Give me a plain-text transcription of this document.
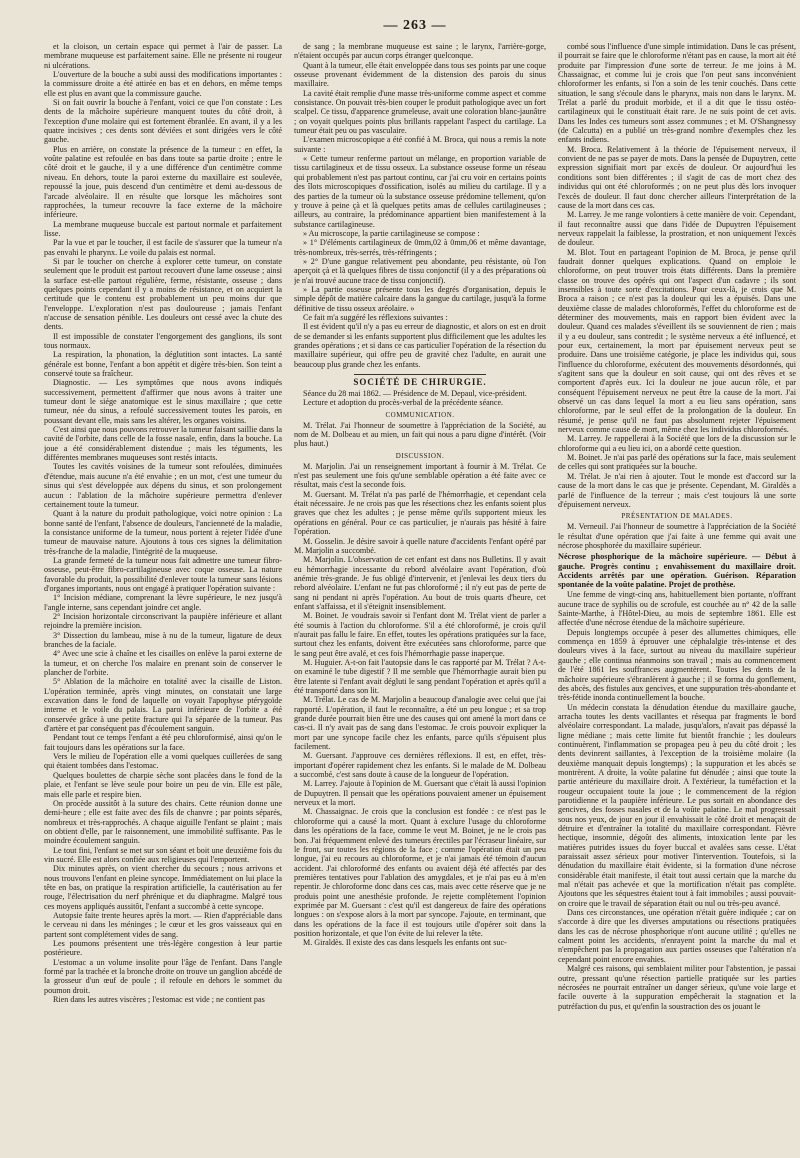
— 263 —

et la cloison, un certain espace qui permet à l'air de passer. La membrane muqueuse est parfaitement saine. Elle ne présente ni rougeur ni ulcérations.

L'ouverture de la bouche a subi aussi des modifications importantes : la commissure droite a été attirée en bas et en dehors, en même temps elle est plus en avant que la commissure gauche.

Si on fait ouvrir la bouche à l'enfant, voici ce que l'on constate : Les dents de la mâchoire supérieure manquent toutes du côté droit, à l'exception d'une molaire qui est fortement ébranlée. En avant, il y a les quatre incisives ; ces dents sont déviées et sont dirigées vers le côté gauche.

Plus en arrière, on constate la présence de la tumeur : en effet, la voûte palatine est refoulée en bas dans toute sa partie droite ; entre le côté droit et le gauche, il y a une différence d'un centimètre comme niveau. En dehors, toute la paroi externe du maxillaire est soulevée, repoussé la joue, puis descend d'un centimètre et demi au-dessous de l'arcade alvéolaire. Il en résulte que lorsque les mâchoires sont rapprochées, la tumeur recouvre la face externe de la mâchoire inférieure.

La membrane muqueuse buccale est partout normale et parfaitement lisse.

Par la vue et par le toucher, il est facile de s'assurer que la tumeur n'a pas envahi le pharynx. Le voile du palais est normal.

Si par le toucher on cherche à explorer cette tumeur, on constate seulement que le produit est partout recouvert d'une lame osseuse ; ainsi la surface est-elle partout régulière, ferme, résistante, osseuse ; dans quelques points cependant il y a moins de résistance, et on acquiert la certitude que le contenu est probablement un peu moins dur que l'enveloppe. L'exploration n'est pas douloureuse ; jamais l'enfant n'accuse de sensation pénible. Les douleurs ont cessé avec la chute des dents.

Il est impossible de constater l'engorgement des ganglions, ils sont tous normaux.

La respiration, la phonation, la déglutition sont intactes. La santé générale est bonne, l'enfant a bon appétit et digère très-bien. Son teint a conservé toute sa fraîcheur.

Diagnostic. — Les symptômes que nous avons indiqués successivement, permettent d'affirmer que nous avons à traiter une tumeur dont le siége anatomique est le sinus maxillaire ; que cette tumeur, née du sinus, a refoulé successivement toutes les parois, en poussant devant elle, mais sans les altérer, les organes voisins.

C'est ainsi que nous pouvons retrouver la tumeur faisant saillie dans la cavité de l'orbite, dans celle de la fosse nasale, enfin, dans la bouche. La joue a été considérablement distendue ; mais les téguments, les différentes membranes muqueuses sont restés intacts.

Toutes les cavités voisines de la tumeur sont refoulées, diminuées d'étendue, mais aucune n'a été envahie ; en un mot, c'est une tumeur du sinus qui s'est développée aux dépens du sinus, et son prolongement aucun : l'ablation de la mâchoire supérieure permettra d'enlever certainement toute la tumeur.

Quant à la nature du produit pathologique, voici notre opinion : La bonne santé de l'enfant, l'absence de douleurs, l'ancienneté de la maladie, la consistance uniforme de la tumeur, nous portent à rejeter l'idée d'une tumeur de mauvaise nature. Ajoutons à tous ces signes la délimitation très-franche de la maladie, l'intégrité de la muqueuse.

La grande fermeté de la tumeur nous fait admettre une tumeur fibro-osseuse, peut-être fibro-cartilagineuse avec coque osseuse. La nature favorable du produit, la possibilité d'enlever toute la tumeur sans lésions d'organes importants, nous ont engagé à pratiquer l'opération suivante :

1° Incision médiane, comprenant la lèvre supérieure, le nez jusqu'à l'angle interne, sans cependant joindre cet angle.

2° Incision horizontale circonscrivant la paupière inférieure et allant rejoindre la première incision.

3° Dissection du lambeau, mise à nu de la tumeur, ligature de deux branches de la faciale.

4° Avec une scie à chaîne et les cisailles on enlève la paroi externe de la tumeur, et on cherche l'os malaire en prenant soin de conserver le plancher de l'orbite.

5° Ablation de la mâchoire en totalité avec la cisaille de Liston. L'opération terminée, après vingt minutes, on constatait une large excavation dans le fond de laquelle on voyait l'apophyse ptérygoïde interne et le voile du palais. La paroi inférieure de l'orbite a été conservée grâce à une petite fracture qui l'a séparée de la tumeur. Pas d'artère et par conséquent pas d'écoulement sanguin.

Pendant tout ce temps l'enfant a été peu chloroformisé, ainsi qu'on le fait toujours dans les opérations sur la face.

Vers le milieu de l'opération elle a vomi quelques cuillerées de sang qui étaient tombées dans l'estomac.

Quelques boulettes de charpie sèche sont placées dans le fond de la plaie, et l'enfant se lève seule pour boire un peu de vin. Elle est pâle, mais elle parle et respire bien.

On procède aussitôt à la suture des chairs. Cette réunion donne une demi-heure ; elle est faite avec des fils de chanvre ; par points séparés, nombreux et très-rapprochés. A chaque aiguille l'enfant se plaint ; mais on obtient d'elle, par le raisonnement, une immobilité suffisante. Pas le moindre écoulement sanguin.

Le tout fini, l'enfant se met sur son séant et boit une deuxième fois du vin sucré. Elle est alors confiée aux religieuses qui l'emportent.

Dix minutes après, on vient chercher du secours ; nous arrivons et nous trouvons l'enfant en pleine syncope. Immédiatement on lui place la tête en bas, on pratique la respiration artificielle, la cautérisation au fer rouge, l'électrisation du nerf phrénique et du diaphragme. Malgré tous ces moyens appliqués aussitôt, l'enfant a succombé à cette syncope.

Autopsie faite trente heures après la mort. — Rien d'appréciable dans le cerveau ni dans les méninges ; le cœur et les gros vaisseaux qui en partent sont complétement vides de sang.

Les poumons présentent une très-légère congestion à leur partie postérieure.

L'estomac a un volume insolite pour l'âge de l'enfant. Dans l'angle formé par la trachée et la bronche droite on trouve un ganglion abcédé de la grosseur d'un œuf de poule ; il refoule en dehors le sommet du poumon droit.

Rien dans les autres viscères ; l'estomac est vide ; ne contient pas

de sang ; la membrane muqueuse est saine ; le larynx, l'arrière-gorge, n'étaient occupés par aucun corps étranger quelconque.

Quant à la tumeur, elle était enveloppée dans tous ses points par une coque osseuse provenant évidemment de la distension des parois du sinus maxillaire.

La cavité était remplie d'une masse très-uniforme comme aspect et comme consistance. On pouvait très-bien couper le produit pathologique avec un fort scalpel. Ce tissu, d'apparence grumeleuse, avait une coloration blanc-jaunâtre ; on voyait quelques points plus brillants rappelant l'aspect du cartilage. La tumeur était peu ou pas vasculaire.

L'examen microscopique a été confié à M. Broca, qui nous a remis la note suivante :

« Cette tumeur renferme partout un mélange, en proportion variable de tissu cartilagineux et de tissu osseux. La substance osseuse forme un réseau qui probablement n'est pas partout continu, car j'ai cru voir en certains points des îlots microscopiques d'ossification, isolés au milieu du cartilage. Il y a des parties de la tumeur où la substance osseuse prédomine tellement, qu'on y trouve à peine çà et là quelques petits amas de cellules cartilagineuses ; ailleurs, au contraire, la prédominance appartient bien manifestement à la substance cartilagineuse.

» Au microscope, la partie cartilagineuse se compose :

» 1° D'éléments cartilagineux de 0mm,02 à 0mm,06 et même davantage, très-nombreux, très-serrés, très-réfringents ;

» 2° D'une gangue relativement peu abondante, peu résistante, où l'on aperçoit çà et là quelques fibres de tissu conjonctif (il y a des préparations où je n'ai trouvé aucune trace de tissu conjonctif).

» La partie osseuse présente tous les degrés d'organisation, depuis le simple dépôt de matière calcaire dans la gangue du cartilage, jusqu'à la forme définitive de tissu osseux aréolaire. »

Ce fait m'a suggéré les réflexions suivantes :

Il est évident qu'il n'y a pas eu erreur de diagnostic, et alors on est en droit de se demander si les enfants supportent plus difficilement que les adultes les grandes opérations ; et si dans ce cas particulier l'opération de la résection du maxillaire supérieur, qui offre peu de gravité chez l'adulte, en aurait une beaucoup plus grande chez les enfants.

SOCIÉTÉ DE CHIRURGIE.

Séance du 28 mai 1862. — Présidence de M. Depaul, vice-président.

Lecture et adoption du procès-verbal de la précédente séance.

COMMUNICATION.

M. Trélat. J'ai l'honneur de soumettre à l'appréciation de la Société, au nom de M. Dolbeau et au mien, un fait qui nous a paru digne d'intérêt. (Voir plus haut.)

DISCUSSION.

M. Marjolin. J'ai un renseignement important à fournir à M. Trélat. Ce n'est pas seulement une fois qu'une semblable opération a été faite avec ce résultat, mais c'est la seconde fois.

M. Guersant. M. Trélat n'a pas parlé de l'hémorrhagie, et cependant cela était nécessaire. Je ne crois pas que les résections chez les enfants soient plus graves que chez les adultes ; je pense même qu'ils supportent mieux les opérations en général. Pour ce cas particulier, je n'aurais pas hésité à faire l'opération.

M. Gosselin. Je désire savoir à quelle nature d'accidents l'enfant opéré par M. Marjolin a succombé.

M. Marjolin. L'observation de cet enfant est dans nos Bulletins. Il y avait eu hémorrhagie incessante du rebord alvéolaire avant l'opération, d'où anémie très-grande. Je fus obligé d'intervenir, et j'enlevai les deux tiers du rebord alvéolaire. L'enfant ne fut pas chloroformé ; il n'y eut pas de perte de sang ni pendant ni après l'opération. Au bout de trois quarts d'heure, cet enfant s'affaissa, et il s'éteignit insensiblement.

M. Boinet. Je voudrais savoir si l'enfant dont M. Trélat vient de parler a été soumis à l'action du chloroforme. S'il a été chloroformé, je crois qu'il n'aurait pas fallu le faire. En effet, toutes les opérations pratiquées sur la face, surtout chez les enfants, doivent être exécutées sans chloroforme, parce que le sang peut être avalé, et ces fois l'hémorrhagie passe inaperçue.

M. Huguier. A-t-on fait l'autopsie dans le cas rapporté par M. Trélat ? A-t-on examiné le tube digestif ? Il me semble que l'hémorrhagie aurait bien pu être latente si l'enfant avait dégluti le sang pendant l'opération et après qu'il a été transporté dans son lit.

M. Trélat. Le cas de M. Marjolin a beaucoup d'analogie avec celui que j'ai rapporté. L'opération, il faut le reconnaître, a été un peu longue ; et sa trop grande durée pourrait bien être une des causes qui ont amené la mort dans ce cas-ci. Il n'y avait pas de sang dans l'estomac. Je crois pouvoir expliquer la mort par une syncope facile chez les enfants, parce qu'ils s'épuisent plus facilement.

M. Guersant. J'approuve ces dernières réflexions. Il est, en effet, très-important d'opérer rapidement chez les enfants. Si le malade de M. Dolbeau a succombé, c'est sans doute à cause de la longueur de l'opération.

M. Larrey. J'ajoute à l'opinion de M. Guersant que c'était là aussi l'opinion de Dupuytren. Il pensait que les opérations pouvaient amener un épuisement nerveux et la mort.

M. Chassaignac. Je crois que la conclusion est fondée : ce n'est pas le chloroforme qui a causé la mort. Quant à exclure l'usage du chloroforme dans les opérations de la face, comme le veut M. Boinet, je ne le crois pas bon. J'ai fréquemment enlevé des tumeurs érectiles par l'écraseur linéaire, sur le front, sur toutes les régions de la face ; comme l'opération était un peu longue, j'ai eu recours au chloroforme, et je n'ai jamais été témoin d'aucun accident. J'ai chloroformé des enfants ou avaient déjà été affectés par des premières tentatives pour l'ablation des amygdales, et je n'ai pas eu à m'en repentir. Je chloroforme donc dans ces cas, mais avec cette réserve que je ne produis point une anesthésie profonde. Je rejette complètement l'opinion exprimée par M. Guersant : c'est qu'il est dangereux de faire des opérations longues : on s'expose alors à la mort par syncope. J'ajoute, en terminant, que dans les opérations de la face il est toujours utile d'opérer soit dans la position horizontale, et que l'on évite de lui relever la tête.

M. Giraldès. Il existe des cas dans lesquels les enfants ont suc-

combé sous l'influence d'une simple intimidation. Dans le cas présent, il pourrait se faire que le chloroforme n'étant pas en cause, la mort ait été produite par l'impression d'une sorte de terreur. Je me joins à M. Chassaignac, et comme lui je crois que l'on peut sans inconvénient chloroformer les enfants, si l'on a soin de les tenir couchés. Dans cette situation, le sang s'écoule dans le pharynx, mais non dans le larynx. M. Trélat a parlé du produit morbide, et il a dit que le tissu ostéo-cartilagineux qui le constituait était rare. Je ne suis point de cet avis. Dans les Indes ces tumeurs sont assez communes ; et M. O'Shangnessy (de Calcutta) en a publié un très-grand nombre d'exemples chez les enfants indiens.

M. Broca. Relativement à la théorie de l'épuisement nerveux, il convient de ne pas se payer de mots. Dans la pensée de Dupuytren, cette expression signifiait mort par excès de douleur. Or aujourd'hui les conditions sont bien différentes ; il s'agit de cas de mort chez des individus qui ont été chloroformés ; on ne peut plus dès lors invoquer l'excès de douleur. Il faut donc chercher ailleurs l'interprétation de la cause de la mort dans ces cas.

M. Larrey. Je me range volontiers à cette manière de voir. Cependant, il faut reconnaître aussi que dans l'idée de Dupuytren l'épuisement nerveux rappelait la faiblesse, la prostration, et non uniquement l'excès de douleur.

M. Blot. Tout en partageant l'opinion de M. Broca, je pense qu'il faudrait donner quelques explications. Quand on emploie le chloroforme, on peut trouver trois états différents. Dans la première classe on trouve des opérés qui ont l'aspect d'un cadavre ; ils sont insensibles à toute sorte d'excitations. Pour ceux-là, je crois que M. Broca a raison ; ce n'est pas la douleur qui les a épuisés. Dans une deuxième classe de malades chloroformés, l'effet du chloroforme est de déterminer des mouvements, mais en rapport bien évident avec la douleur. Quand ces malades s'éveillent ils se souviennent de rien ; mais il y a eu douleur, sans contredit ; le système nerveux a été influencé, et pour eux, certainement, la mort par épuisement nerveux peut se produire. Dans une troisième catégorie, je place les individus qui, sous l'influence du chloroforme, exécutent des mouvements désordonnés, qui s'agitent sans que la douleur en soit cause, qui ont des rêves et se comportent d'après eux. Ici la douleur ne joue aucun rôle, et par conséquent l'épuisement nerveux ne peut être la cause de la mort. J'ai observé un cas dans lequel la mort a eu lieu sans opération, sans chloroforme, par le seul effet de la prolongation de la douleur. En résumé, je pense qu'il ne faut pas absolument rejeter l'épuisement nerveux comme cause de mort, même chez les individus chloroformés.

M. Larrey. Je rappellerai à la Société que lors de la discussion sur le chloroforme qui a eu lieu ici, on a abordé cette question.

M. Boinet. Je n'ai pas parlé des opérations sur la face, mais seulement de celles qui sont pratiquées sur la bouche.

M. Trélat. Je n'ai rien à ajouter. Tout le monde est d'accord sur la cause de la mort dans le cas que je présente. Cependant, M. Giraldès a parlé de l'influence de la terreur ; mais c'est toujours là une sorte d'épuisement nerveux.

PRÉSENTATION DE MALADES.

M. Verneuil. J'ai l'honneur de soumettre à l'appréciation de la Société le résultat d'une opération que j'ai faite à une femme qui avait une nécrose phosphorée du maxillaire supérieur.

Nécrose phosphorique de la mâchoire supérieure. — Début à gauche. Progrès continu ; envahissement du maxillaire droit. Accidents arrêtés par une opération. Guérison. Réparation spontanée de la voûte palatine. Projet de prothèse.

Une femme de vingt-cinq ans, habituellement bien portante, n'offrant aucune trace de syphilis ou de scrofule, est couchée au n° 42 de la salle Sainte-Marthe, à l'Hôtel-Dieu, au mois de septembre 1861. Elle est affectée d'une nécrose étendue de la mâchoire supérieure.

Depuis longtemps occupée à peser des allumettes chimiques, elle commença en 1859 à éprouver une céphalalgie très-intense et des douleurs vives à la face, surtout au niveau du maxillaire supérieur gauche ; elle continua néanmoins son travail ; mais au commencement de l'été 1861 les souffrances augmentèrent. Toutes les dents de la mâchoire supérieure s'ébranlèrent à gauche ; il se forma du gonflement, des abcès, des fistules aux gencives, et une suppuration très-abondante et très-fétide inonda continuellement la bouche.

Un médecin constata la dénudation étendue du maxillaire gauche, arracha toutes les dents vacillantes et résequa par fragments le bord alvéolaire correspondant. La malade, jusqu'alors, n'avait pas dépassé la ligne médiane ; mais cette limite fut bientôt franchie ; les douleurs continuèrent, l'inflammation se propagea peu à peu du côté droit ; les dents devinrent saillantes, à l'exception de la troisième molaire (la deuxième manquait depuis longtemps) ; la suppuration et les abcès se montrèrent. A droite, la voûte palatine fut dénudée ; ainsi que toute la partie antérieure du maxillaire droit. A l'extérieur, la tuméfaction et la rougeur occupaient toute la joue ; le commencement de la région parotidienne et la paupière inférieure. Le pus sortait en abondance des gencives, des fosses nasales et de la voûte palatine. Le mal progressait sous nos yeux, de jour en jour il envahissait le côté droit et menaçait de détruire et d'entraîner la totalité du maxillaire correspondant. Fièvre hectique, insomnie, dégoût des aliments, intoxication lente par les matières putrides issues du foyer buccal et avalées sans cesse. L'état paraissait assez sérieux pour motiver l'intervention. Toutefois, si la dénudation du maxillaire était évidente, si la formation d'une nécrose considérable était manifeste, il était tout aussi certain que la marche du mal n'était pas achevée et que la mortification n'était pas complète. Ajoutons que les séquestres étaient tout à fait immobiles ; aussi pouvait-on croire que le travail de séparation était ou nul ou très-peu avancé.

Dans ces circonstances, une opération n'était guère indiquée ; car on s'accorde à dire que les diverses amputations ou résections pratiquées dans les cas de nécrose phosphorique n'ont aucune utilité ; qu'elles ne calment point les accidents, n'enrayent point la marche du mal et n'empêchent pas la propagation aux parties osseuses que l'altération n'a cependant point encore envahies.

Malgré ces raisons, qui semblaient militer pour l'abstention, je passai outre, pressant qu'une résection partielle pratiquée sur les parties nécrosées ne pourrait entraîner un danger sérieux, qu'une voie large et facile ouverte à la suppuration empêcherait la stagnation et la putréfaction du pus, et qu'enfin la soustraction des os jouant le
